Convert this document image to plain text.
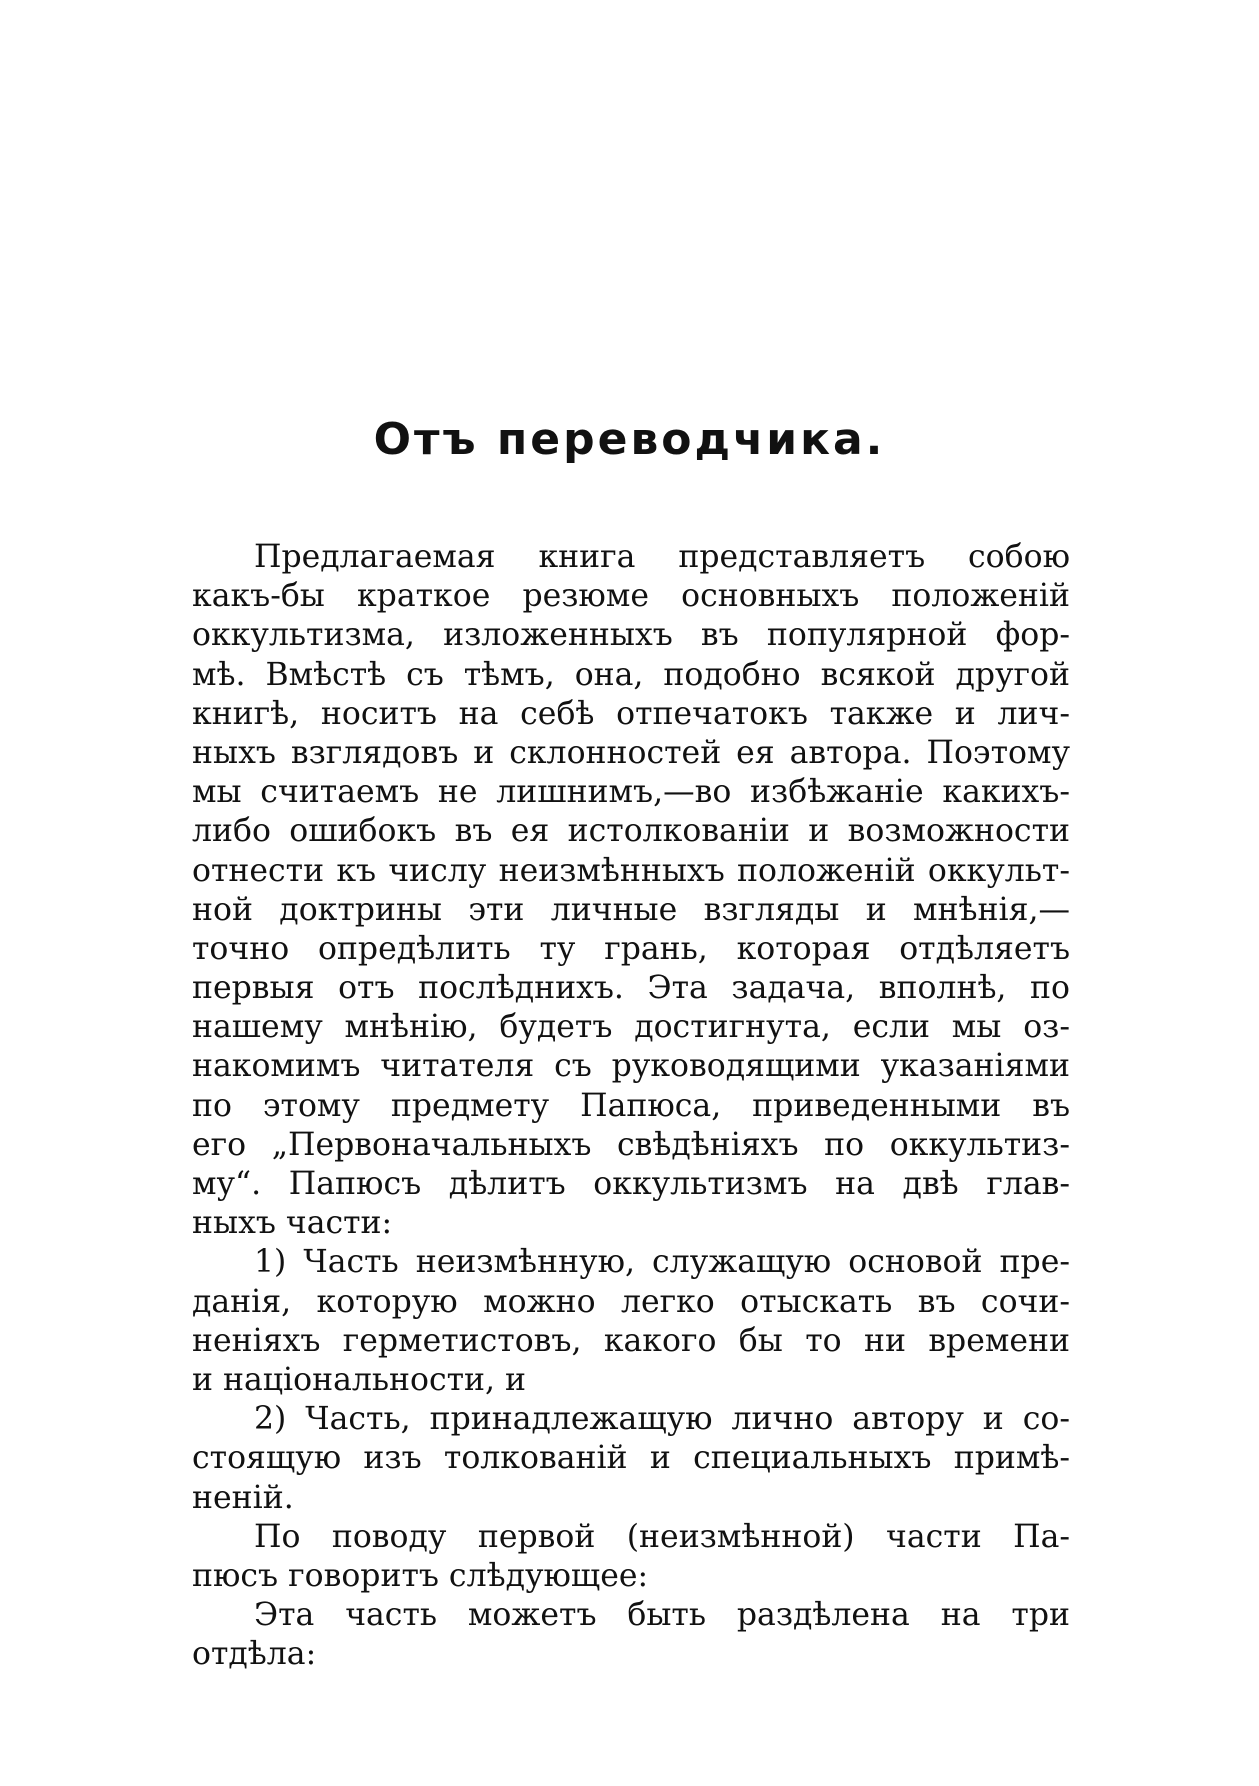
Отъ переводчика.
Предлагаемая книга представляетъ собою
какъ-бы краткое резюме основныхъ положенiй
оккультизма, изложенныхъ въ популярной фор-
мѣ. Вмѣстѣ съ тѣмъ, она, подобно всякой другой
книгѣ, носитъ на себѣ отпечатокъ также и лич-
ныхъ взглядовъ и склонностей ея автора. Поэтому
мы считаемъ не лишнимъ,—во избѣжанiе какихъ-
либо ошибокъ въ ея истолкованiи и возможности
отнести къ числу неизмѣнныхъ положенiй оккульт-
ной доктрины эти личные взгляды и мнѣнiя,—
точно опредѣлить ту грань, которая отдѣляетъ
первыя отъ послѣднихъ. Эта задача, вполнѣ, по
нашему мнѣнiю, будетъ достигнута, если мы оз-
накомимъ читателя съ руководящими указанiями
по этому предмету Папюса, приведенными въ
его „Первоначальныхъ свѣдѣнiяхъ по оккультиз-
му“. Папюсъ дѣлитъ оккультизмъ на двѣ глав-
ныхъ части:
1) Часть неизмѣнную, служащую основой пре-
данiя, которую можно легко отыскать въ сочи-
ненiяхъ герметистовъ, какого бы то ни времени
и нацiональности, и
2) Часть, принадлежащую лично автору и со-
стоящую изъ толкованiй и специальныхъ примѣ-
ненiй.
По поводу первой (неизмѣнной) части Па-
пюсъ говоритъ слѣдующее:
Эта часть можетъ быть раздѣлена на три
отдѣла:
